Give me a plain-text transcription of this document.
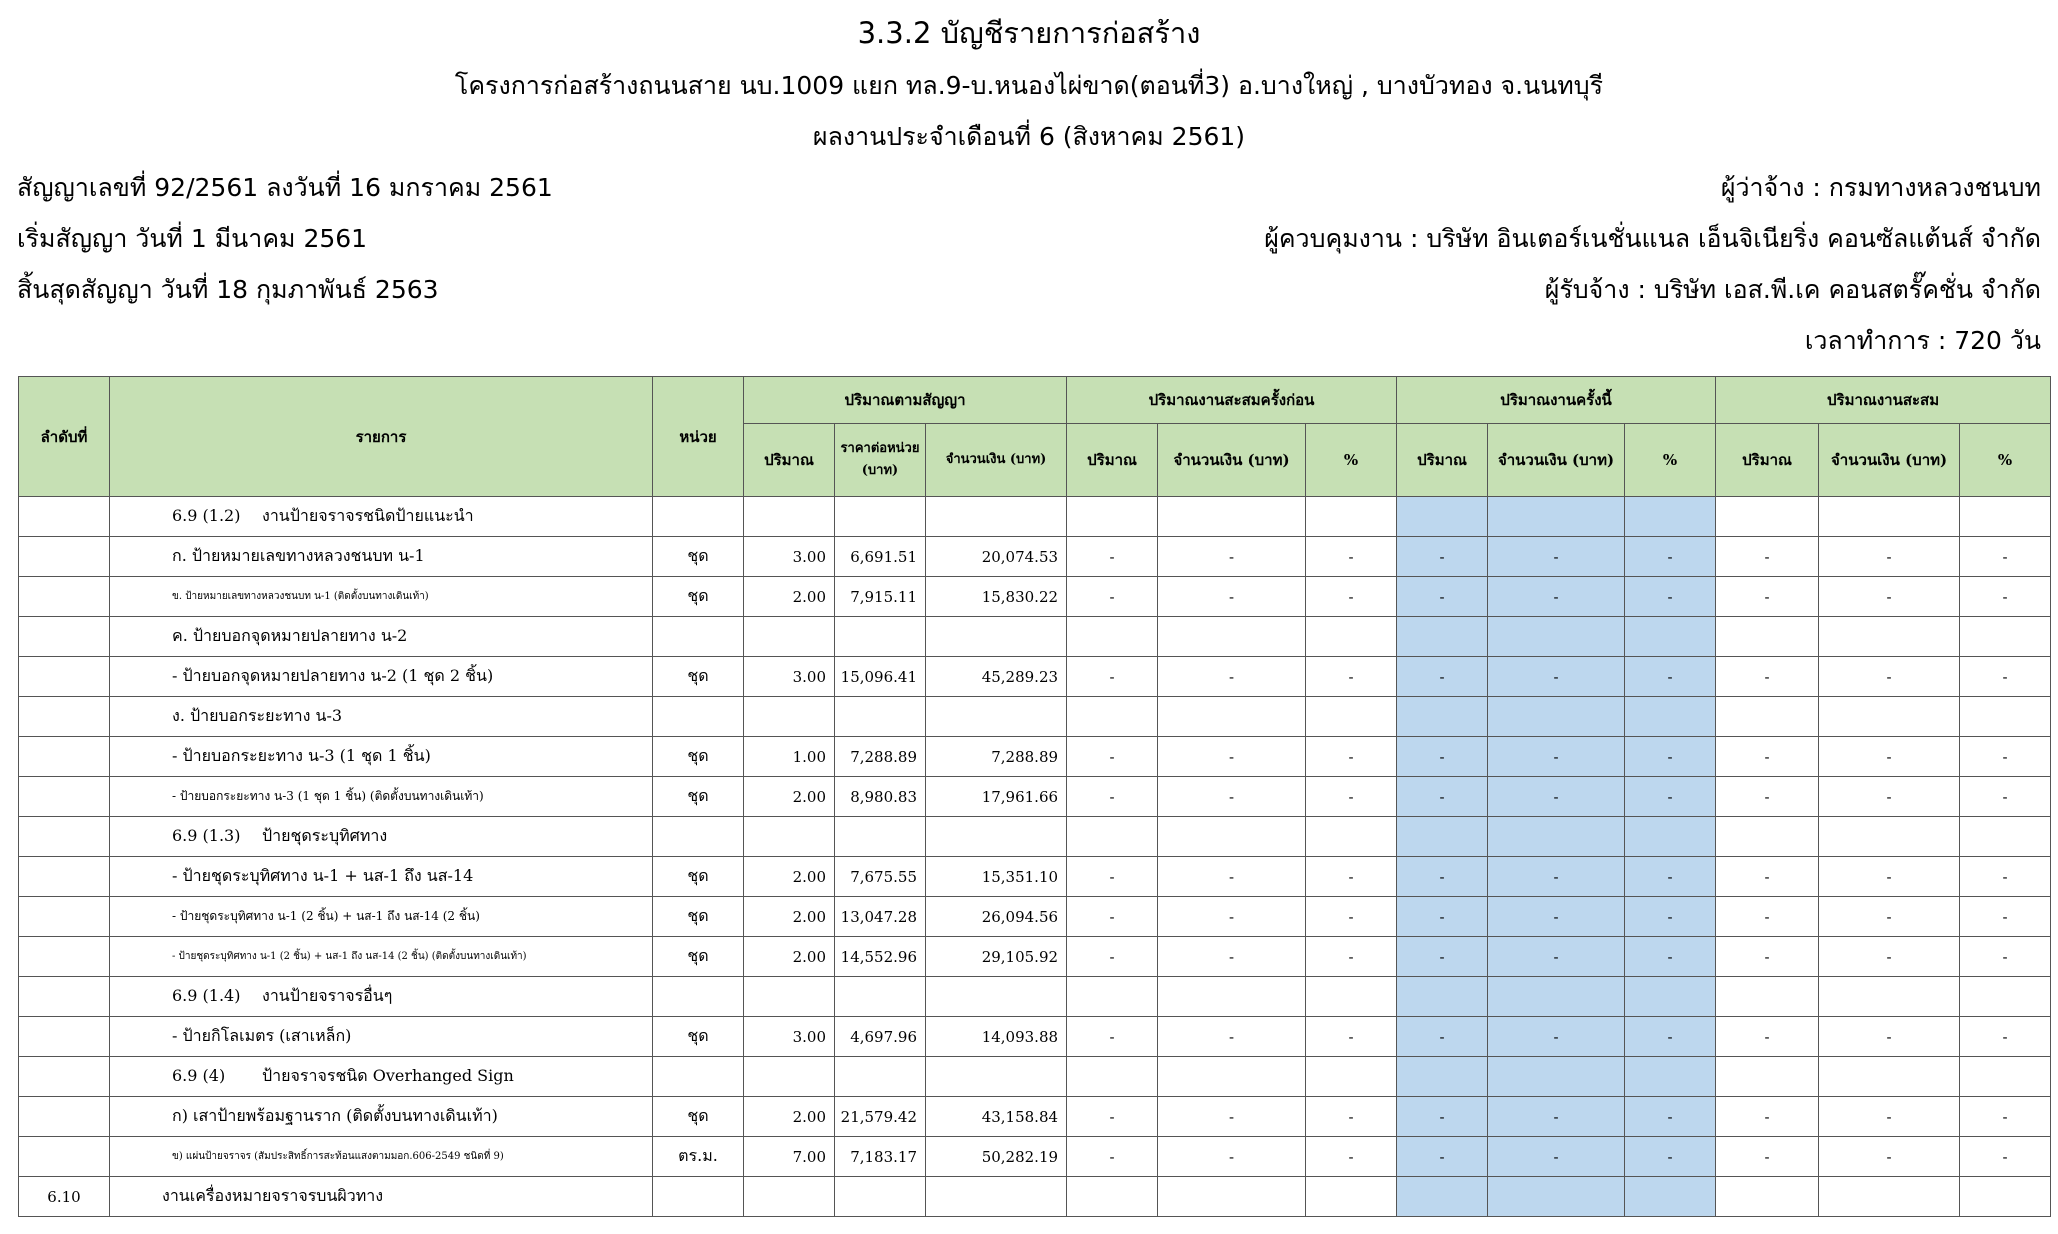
3.3.2 บัญชีรายการก่อสร้าง
โครงการก่อสร้างถนนสาย นบ.1009 แยก ทล.9-บ.หนองไผ่ขาด(ตอนที่3) อ.บางใหญ่ , บางบัวทอง จ.นนทบุรี
ผลงานประจำเดือนที่ 6 (สิงหาคม 2561)
สัญญาเลขที่ 92/2561 ลงวันที่ 16 มกราคม 2561
เริ่มสัญญา วันที่ 1 มีนาคม 2561
สิ้นสุดสัญญา วันที่ 18 กุมภาพันธ์ 2563
ผู้ว่าจ้าง : กรมทางหลวงชนบท
ผู้ควบคุมงาน : บริษัท อินเตอร์เนชั่นแนล เอ็นจิเนียริ่ง คอนซัลแต้นส์ จำกัด
ผู้รับจ้าง : บริษัท เอส.พี.เค คอนสตรั๊คชั่น จำกัด
เวลาทำการ : 720 วัน
ลำดับที่	รายการ	หน่วย	ปริมาณตามสัญญา			ปริมาณงานสะสมครั้งก่อน			ปริมาณงานครั้งนี้			ปริมาณงานสะสม		
			ปริมาณ	ราคาต่อหน่วย (บาท)	จำนวนเงิน (บาท)	ปริมาณ	จำนวนเงิน (บาท)	%	ปริมาณ	จำนวนเงิน (บาท)	%	ปริมาณ	จำนวนเงิน (บาท)	%
	6.9 (1.2) งานป้ายจราจรชนิดป้ายแนะนำ													
	ก. ป้ายหมายเลขทางหลวงชนบท น-1	ชุด	3.00	6,691.51	20,074.53	-	-	-	-	-	-	-	-	-
	ข. ป้ายหมายเลขทางหลวงชนบท น-1 (ติดตั้งบนทางเดินเท้า)	ชุด	2.00	7,915.11	15,830.22	-	-	-	-	-	-	-	-	-
	ค. ป้ายบอกจุดหมายปลายทาง น-2													
	- ป้ายบอกจุดหมายปลายทาง น-2 (1 ชุด 2 ชิ้น)	ชุด	3.00	15,096.41	45,289.23	-	-	-	-	-	-	-	-	-
	ง. ป้ายบอกระยะทาง น-3													
	- ป้ายบอกระยะทาง น-3 (1 ชุด 1 ชิ้น)	ชุด	1.00	7,288.89	7,288.89	-	-	-	-	-	-	-	-	-
	- ป้ายบอกระยะทาง น-3 (1 ชุด 1 ชิ้น) (ติดตั้งบนทางเดินเท้า)	ชุด	2.00	8,980.83	17,961.66	-	-	-	-	-	-	-	-	-
	6.9 (1.3) ป้ายชุดระบุทิศทาง													
	- ป้ายชุดระบุทิศทาง น-1 + นส-1 ถึง นส-14	ชุด	2.00	7,675.55	15,351.10	-	-	-	-	-	-	-	-	-
	- ป้ายชุดระบุทิศทาง น-1 (2 ชิ้น) + นส-1 ถึง นส-14 (2 ชิ้น)	ชุด	2.00	13,047.28	26,094.56	-	-	-	-	-	-	-	-	-
	- ป้ายชุดระบุทิศทาง น-1 (2 ชิ้น) + นส-1 ถึง นส-14 (2 ชิ้น) (ติดตั้งบนทางเดินเท้า)	ชุด	2.00	14,552.96	29,105.92	-	-	-	-	-	-	-	-	-
	6.9 (1.4) งานป้ายจราจรอื่นๆ													
	- ป้ายกิโลเมตร (เสาเหล็ก)	ชุด	3.00	4,697.96	14,093.88	-	-	-	-	-	-	-	-	-
	6.9 (4) ป้ายจราจรชนิด Overhanged Sign													
	ก) เสาป้ายพร้อมฐานราก (ติดตั้งบนทางเดินเท้า)	ชุด	2.00	21,579.42	43,158.84	-	-	-	-	-	-	-	-	-
	ข) แผ่นป้ายจราจร (สัมประสิทธิ์การสะท้อนแสงตามมอก.606-2549 ชนิดที่ 9)	ตร.ม.	7.00	7,183.17	50,282.19	-	-	-	-	-	-	-	-	-
6.10	งานเครื่องหมายจราจรบนผิวทาง													
